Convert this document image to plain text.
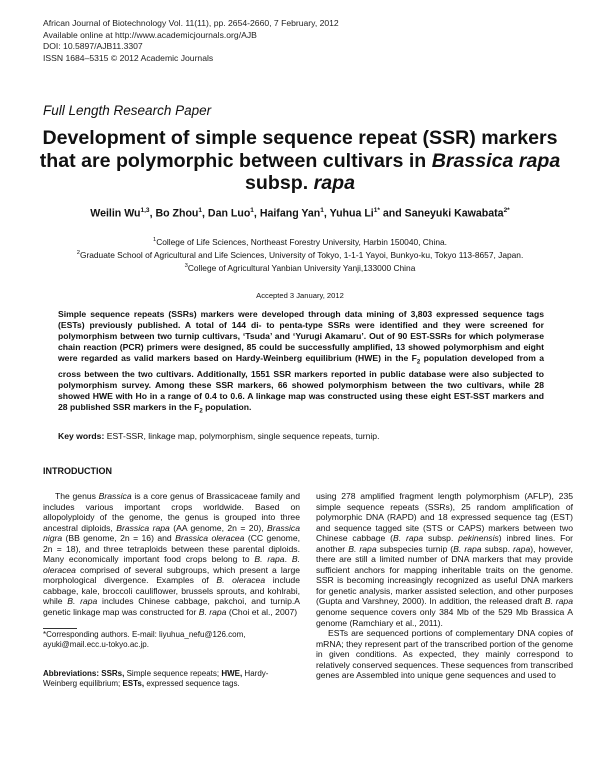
African Journal of Biotechnology Vol. 11(11), pp. 2654-2660, 7 February, 2012
Available online at http://www.academicjournals.org/AJB
DOI: 10.5897/AJB11.3307
ISSN 1684–5315 © 2012 Academic Journals
Full Length Research Paper
Development of simple sequence repeat (SSR) markers that are polymorphic between cultivars in Brassica rapa subsp. rapa
Weilin Wu$^{1,3}$, Bo Zhou$^1$, Dan Luo$^1$, Haifang Yan$^1$, Yuhua $Li^{1*}$ and Saneyuki Kawabata$^{2*}$
$^1$College of Life Sciences, Northeast Forestry University, Harbin 150040, China.
$^2$Graduate School of Agricultural and Life Sciences, University of Tokyo, 1-1-1 Yayoi, Bunkyo-ku, Tokyo 113-8657, Japan.
$^3$College of Agricultural Yanbian University Yanji,133000 China
Accepted 3 January, 2012
Simple sequence repeats (SSRs) markers were developed through data mining of 3,803 expressed sequence tags (ESTs) previously published. A total of 144 di- to penta-type SSRs were identified and they were screened for polymorphism between two turnip cultivars, ‘Tsuda’ and ‘Yurugi Akamaru’. Out of 90 EST-SSRs for which polymerase chain reaction (PCR) primers were designed, 85 could be successfully amplified, 13 showed polymorphism and eight were regarded as valid markers based on Hardy-Weinberg equilibrium (HWE) in the $F_2$ population developed from a cross between the two cultivars. Additionally, 1551 SSR markers reported in public database were also subjected to polymorphism survey. Among these SSR markers, 66 showed polymorphism between the two cultivars, while 28 showed HWE with Ho in a range of 0.4 to 0.6. A linkage map was constructed using these eight EST-SST markers and 28 published SSR markers in the $F_2$ population.
Key words: EST-SSR, linkage map, polymorphism, single sequence repeats, turnip.
INTRODUCTION

The genus Brassica is a core genus of Brassicaceae family and includes various important crops worldwide. Based on allopolyploidy of the genome, the genus is grouped into three ancestral diploids, Brassica rapa (AA genome, 2n = 20), Brassica nigra (BB genome, 2n = 16) and Brassica oleracea (CC genome, 2n = 18), and three tetraploids between these parental diploids. Many economically important food crops belong to B. rapa. B. oleracea comprised of several subgroups, which present a large morphological divergence. Examples of B. oleracea include cabbage, kale, broccoli cauliflower, brussels sprouts, and kohlrabi, while B. rapa includes Chinese cabbage, pakchoi, and turnip.A genetic linkage map was constructed for B. rapa (Choi et al., 2007)

using 278 amplified fragment length polymorphism (AFLP), 235 simple sequence repeats (SSRs), 25 random amplification of polymorphic DNA (RAPD) and 18 expressed sequence tag (EST) and sequence tagged site (STS or CAPS) markers between two Chinese cabbage (B. rapa subsp. pekinensis) inbred lines. For another B. rapa subspecies turnip (B. rapa subsp. rapa), however, there are still a limited number of DNA markers that may provide sufficient anchors for mapping inheritable traits on the genome. SSR is becoming increasingly recognized as useful DNA markers for genetic analysis, marker assisted selection, and other purposes (Gupta and Varshney, 2000). In addition, the released draft B. rapa genome sequence covers only 384 Mb of the 529 Mb Brassica A genome (Ramchiary et al., 2011).

ESTs are sequenced portions of complementary DNA copies of mRNA; they represent part of the transcribed portion of the genome in given conditions. As expected, they mainly correspond to relatively conserved sequences. These sequences from transcribed genes are Assembled into unique gene sequences and used to

*Corresponding authors. E-mail: liyuhua_nefu@126.com, ayuki@mail.ecc.u-tokyo.ac.jp.
Abbreviations: SSRs, Simple sequence repeats; HWE, Hardy-Weinberg equilibrium; ESTs, expressed sequence tags.
